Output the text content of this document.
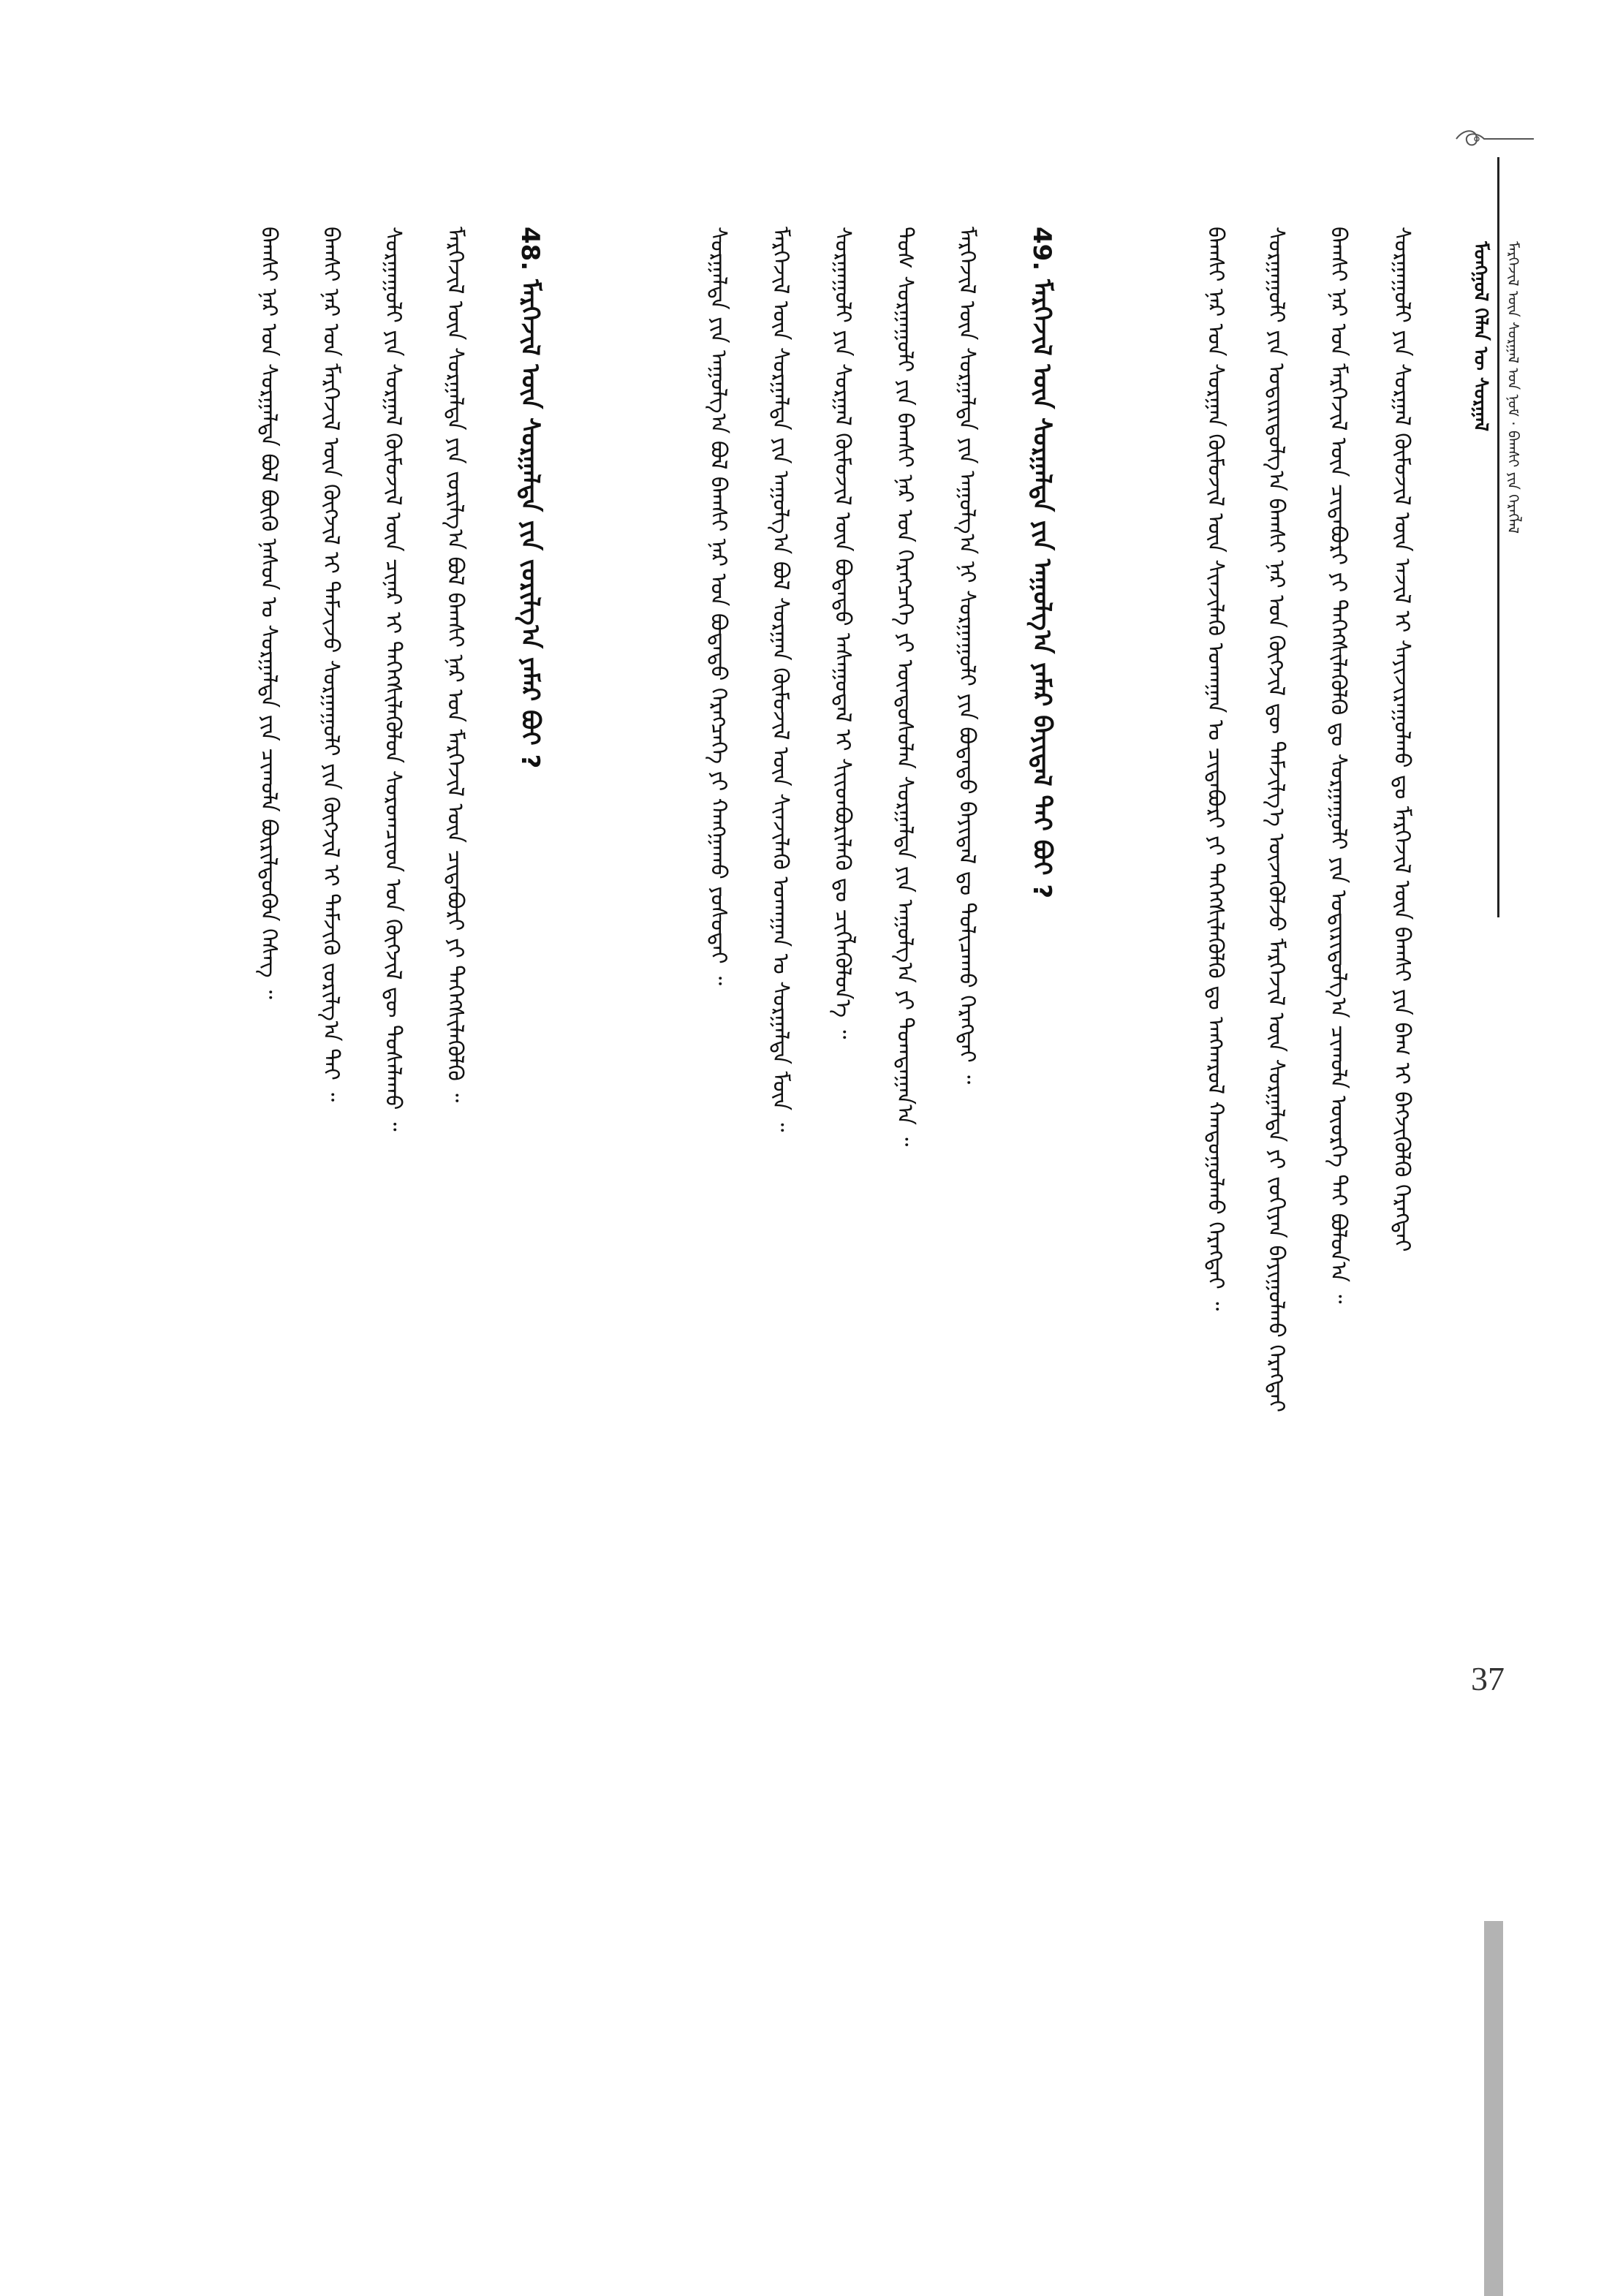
ᠮᠣᠩᠭᠣᠯ ᠬᠡᠯᠡᠨ ᠦ ᠰᠤᠷᠭᠠᠯ ᠮᠡᠷᠭᠡᠵᠢᠯ ᠦᠨ ᠰᠤᠷᠭᠠᠯ ᠤᠨ ᠨᠣᠮ · ᠪᠠᠭᠰᠢ ᠶᠢᠨ ᠬᠡᠷᠡᠭᠯᠡᠯ
37
ᠰᠤᠷᠭᠠᠭᠤᠯᠢ ᠶᠢᠨ ᠰᠤᠷᠭᠠᠯ ᠬᠦᠮᠦᠵᠢᠯ ᠦᠨ ᠠᠵᠢᠯ ᠢ ᠰᠠᠶᠢᠵᠢᠷᠠᠭᠤᠯᠬᠤ ᠳᠤ ᠮᠡᠷᠭᠡᠵᠢᠯ ᠦᠨ ᠪᠠᠭᠰᠢ ᠶᠢᠨ ᠪᠠᠭ ᠢ ᠪᠡᠬᠵᠢᠭᠦᠯᠬᠦ ᠬᠡᠷᠡᠭᠲᠡᠢ
ᠪᠠᠭᠰᠢ ᠨᠠᠷ ᠤᠨ ᠮᠡᠷᠭᠡᠵᠢᠯ ᠦᠨ ᠴᠢᠳᠠᠪᠤᠷᠢ ᠶᠢ ᠳᠡᠭᠡᠭᠰᠢᠯᠡᠭᠦᠯᠬᠦ ᠳᠤ ᠰᠤᠷᠭᠠᠭᠤᠯᠢ ᠶᠢᠨ ᠤᠳᠢᠷᠢᠳᠤᠯᠭ᠎ᠠ ᠴᠢᠬᠤᠯᠠ ᠦᠦᠷᠭᠡ ᠲᠠᠢ ᠪᠣᠯᠤᠨ᠎ᠠ ᠃
ᠰᠤᠷᠭᠠᠭᠤᠯᠢ ᠶᠢᠨ ᠤᠳᠢᠷᠢᠳᠤᠯᠭ᠎ᠠ ᠪᠠᠭᠰᠢ ᠨᠠᠷ ᠤᠨ ᠬᠥᠭᠵᠢᠯ ᠳᠦ ᠳᠡᠮᠵᠢᠯᠭ᠎ᠡ ᠦᠵᠡᠭᠦᠯᠵᠦ ᠮᠡᠷᠭᠡᠵᠢᠯ ᠦᠨ ᠰᠤᠷᠭᠠᠯᠲᠠ ᠶᠢ ᠵᠣᠬᠢᠶᠠᠨ ᠪᠠᠶᠢᠭᠤᠯᠬᠤ ᠬᠡᠷᠡᠭᠲᠡᠢ
ᠪᠠᠭᠰᠢ ᠨᠠᠷ ᠤᠨ ᠰᠤᠷᠭᠠᠨ ᠬᠦᠮᠦᠵᠢᠯ ᠦᠨ ᠰᠢᠨᠵᠢᠯᠡᠬᠦ ᠤᠬᠠᠭᠠᠨ ᠤ ᠴᠢᠳᠠᠪᠤᠷᠢ ᠶᠢ ᠳᠡᠭᠡᠭᠰᠢᠯᠡᠭᠦᠯᠬᠦ ᠳᠤ ᠠᠩᠬᠠᠷᠤᠯ ᠬᠠᠨᠳᠤᠭᠤᠯᠬᠤ ᠬᠡᠷᠡᠭᠲᠡᠢ ᠃
49. ᠮᠡᠷᠭᠡᠵᠢᠯ ᠦᠨ ᠰᠤᠷᠭᠠᠯᠲᠠ ᠶᠢᠨ ᠠᠭᠤᠯᠭ᠎ᠠ ᠶᠠᠮᠠᠷ ᠪᠠᠶᠢᠳᠠᠯ ᠲᠠᠢ ᠪᠤᠢ ?
ᠮᠡᠷᠭᠡᠵᠢᠯ ᠦᠨ ᠰᠤᠷᠭᠠᠯᠲᠠ ᠶᠢᠨ ᠠᠭᠤᠯᠭ᠎ᠠ ᠨᠢ ᠰᠤᠷᠭᠠᠭᠤᠯᠢ ᠶᠢᠨ ᠪᠣᠳᠠᠲᠤ ᠪᠠᠶᠢᠳᠠᠯ ᠳᠤ ᠲᠣᠯᠢᠴᠠᠬᠤ ᠬᠡᠷᠡᠭᠲᠡᠢ ᠃
ᠲᠤᠰ ᠰᠤᠷᠭᠠᠭᠤᠯᠢ ᠶᠢᠨ ᠪᠠᠭᠰᠢ ᠨᠠᠷ ᠤᠨ ᠬᠡᠷᠡᠭᠴᠡᠭᠡ ᠶᠢ ᠦᠨᠳᠦᠰᠦᠯᠡᠨ ᠰᠤᠷᠭᠠᠯᠲᠠ ᠶᠢᠨ ᠠᠭᠤᠯᠭ᠎ᠠ ᠶᠢ ᠲᠣᠭᠲᠠᠭᠠᠨ᠎ᠠ ᠃
ᠰᠤᠷᠭᠠᠭᠤᠯᠢ ᠶᠢᠨ ᠰᠤᠷᠭᠠᠯ ᠬᠦᠮᠦᠵᠢᠯ ᠦᠨ ᠪᠣᠳᠠᠲᠤ ᠠᠰᠠᠭᠤᠳᠠᠯ ᠢ ᠰᠢᠢᠳᠪᠦᠷᠢᠯᠡᠬᠦ ᠳᠤ ᠴᠢᠭᠯᠡᠭᠦᠯᠦᠨ᠎ᠡ ᠃
ᠮᠡᠷᠭᠡᠵᠢᠯ ᠦᠨ ᠰᠤᠷᠭᠠᠯᠲᠠ ᠶᠢᠨ ᠠᠭᠤᠯᠭ᠎ᠠ ᠪᠣᠯ ᠰᠤᠷᠭᠠᠨ ᠬᠦᠮᠦᠵᠢᠯ ᠦᠨ ᠰᠢᠨᠵᠢᠯᠡᠬᠦ ᠤᠬᠠᠭᠠᠨ ᠤ ᠰᠤᠷᠭᠠᠯᠲᠠ ᠮᠥᠨ ᠃
ᠰᠤᠷᠭᠠᠯᠲᠠ ᠶᠢᠨ ᠠᠭᠤᠯᠭ᠎ᠠ ᠪᠣᠯ ᠪᠠᠭᠰᠢ ᠨᠠᠷ ᠤᠨ ᠪᠣᠳᠠᠲᠤ ᠬᠡᠷᠡᠭᠴᠡᠭᠡ ᠶᠢ ᠬᠠᠩᠭᠠᠬᠤ ᠶᠤᠰᠤᠲᠠᠢ ᠃
48. ᠮᠡᠷᠭᠡᠵᠢᠯ ᠦᠨ ᠰᠤᠷᠭᠠᠯᠲᠠ ᠶᠢᠨ ᠵᠣᠷᠢᠯᠭ᠎ᠠ ᠶᠠᠮᠠᠷ ᠪᠤᠢ ?
ᠮᠡᠷᠭᠡᠵᠢᠯ ᠦᠨ ᠰᠤᠷᠭᠠᠯᠲᠠ ᠶᠢᠨ ᠵᠣᠷᠢᠯᠭ᠎ᠠ ᠪᠣᠯ ᠪᠠᠭᠰᠢ ᠨᠠᠷ ᠤᠨ ᠮᠡᠷᠭᠡᠵᠢᠯ ᠦᠨ ᠴᠢᠳᠠᠪᠤᠷᠢ ᠶᠢ ᠳᠡᠭᠡᠭᠰᠢᠯᠡᠭᠦᠯᠬᠦ ᠃
ᠰᠤᠷᠭᠠᠭᠤᠯᠢ ᠶᠢᠨ ᠰᠤᠷᠭᠠᠯ ᠬᠦᠮᠦᠵᠢᠯ ᠦᠨ ᠴᠢᠨᠠᠷ ᠢ ᠳᠡᠭᠡᠭᠰᠢᠯᠡᠭᠦᠯᠦᠨ ᠰᠤᠷᠤᠭᠴᠢᠳ ᠤᠨ ᠬᠥᠭᠵᠢᠯ ᠳᠦ ᠲᠤᠰᠠᠯᠠᠬᠤ ᠃
ᠪᠠᠭᠰᠢ ᠨᠠᠷ ᠤᠨ ᠮᠡᠷᠭᠡᠵᠢᠯ ᠦᠨ ᠬᠥᠭᠵᠢᠯ ᠢ ᠳᠡᠮᠵᠢᠵᠦ ᠰᠤᠷᠭᠠᠭᠤᠯᠢ ᠶᠢᠨ ᠬᠥᠭᠵᠢᠯ ᠢ ᠳᠡᠮᠵᠢᠬᠦ ᠵᠣᠷᠢᠯᠭ᠎ᠠ ᠲᠠᠢ ᠃
ᠪᠠᠭᠰᠢ ᠨᠠᠷ ᠤᠨ ᠰᠤᠷᠭᠠᠯᠲᠠ ᠪᠣᠯ ᠪᠦᠬᠦ ᠨᠠᠰᠤᠨ ᠤ ᠰᠤᠷᠭᠠᠯᠲᠠ ᠶᠢᠨ ᠴᠢᠬᠤᠯᠠ ᠪᠦᠷᠢᠯᠳᠦᠬᠦᠨ ᠬᠡᠰᠡᠭ ᠃
